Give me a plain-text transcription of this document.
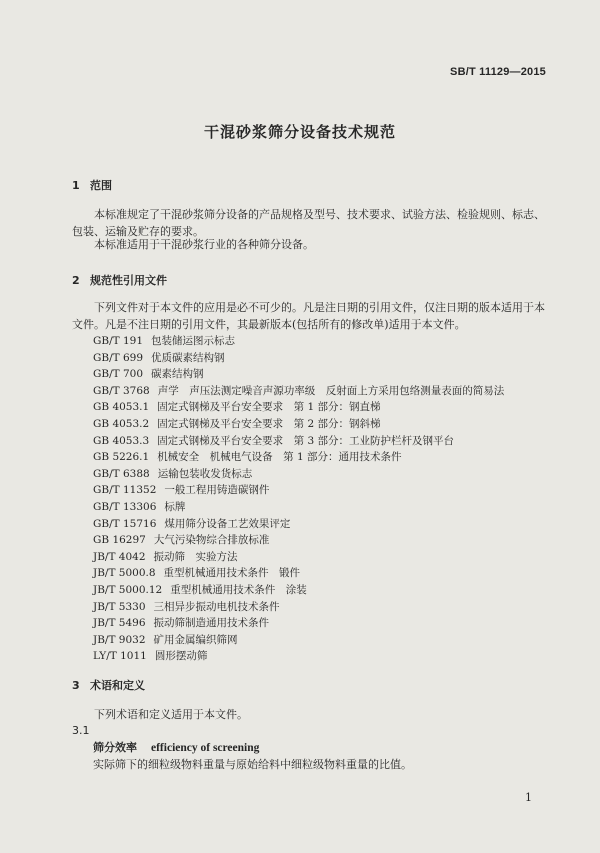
SB/T 11129—2015
干混砂浆筛分设备技术规范
1 范围
本标准规定了干混砂浆筛分设备的产品规格及型号、技术要求、试验方法、检验规则、标志、包装、运输及贮存的要求。
本标准适用于干混砂浆行业的各种筛分设备。
2 规范性引用文件
下列文件对于本文件的应用是必不可少的。凡是注日期的引用文件，仅注日期的版本适用于本文件。凡是不注日期的引用文件，其最新版本(包括所有的修改单)适用于本文件。
GB/T 191 包装储运图示标志
GB/T 699 优质碳素结构钢
GB/T 700 碳素结构钢
GB/T 3768 声学　声压法测定噪音声源功率级　反射面上方采用包络测量表面的简易法
GB 4053.1 固定式钢梯及平台安全要求　第 1 部分：钢直梯
GB 4053.2 固定式钢梯及平台安全要求　第 2 部分：钢斜梯
GB 4053.3 固定式钢梯及平台安全要求　第 3 部分：工业防护栏杆及钢平台
GB 5226.1 机械安全　机械电气设备　第 1 部分：通用技术条件
GB/T 6388 运输包装收发货标志
GB/T 11352 一般工程用铸造碳钢件
GB/T 13306 标牌
GB/T 15716 煤用筛分设备工艺效果评定
GB 16297 大气污染物综合排放标准
JB/T 4042 振动筛　实验方法
JB/T 5000.8 重型机械通用技术条件　锻件
JB/T 5000.12 重型机械通用技术条件　涂装
JB/T 5330 三相异步振动电机技术条件
JB/T 5496 振动筛制造通用技术条件
JB/T 9032 矿用金属编织筛网
LY/T 1011 圆形摆动筛
3 术语和定义
下列术语和定义适用于本文件。
3.1
筛分效率 efficiency of screening
实际筛下的细粒级物料重量与原始给料中细粒级物料重量的比值。
1
